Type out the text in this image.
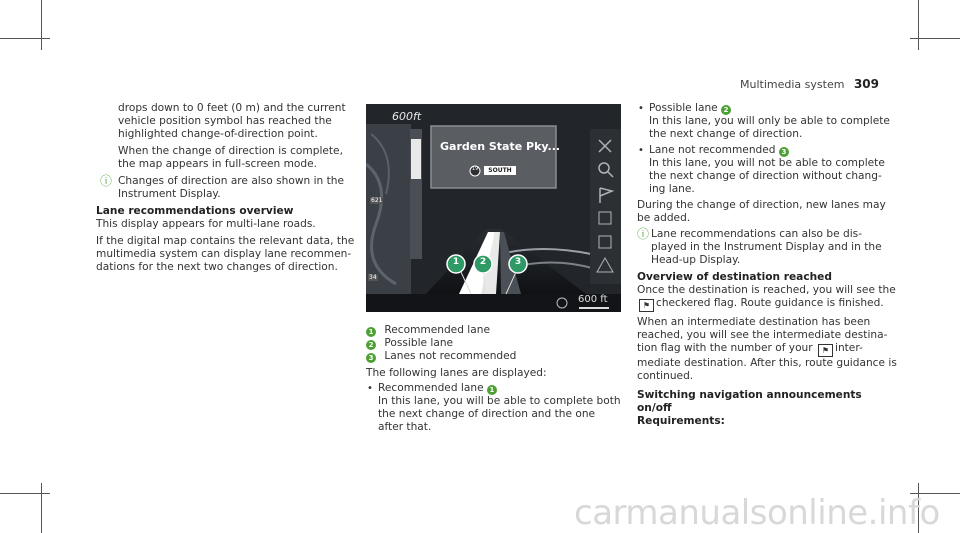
Multimedia system 309
drops down to 0 feet (0 m) and the current
vehicle position symbol has reached the
highlighted change-of-direction point.
When the change of direction is complete,
the map appears in full-screen mode.
ⓘ Changes of direction are also shown in the
Instrument Display.
Lane recommendations overview
This display appears for multi-lane roads.
If the digital map contains the relevant data, the
multimedia system can display lane recommen-
dations for the next two changes of direction.
600ft
Garden State Pky...
19	SOUTH
600 ft
621
34
1	2	3
1 Recommended lane
2 Possible lane
3 Lanes not recommended
The following lanes are displayed:
• Recommended lane 1
In this lane, you will be able to complete both
the next change of direction and the one
after that.
• Possible lane 2
In this lane, you will only be able to complete
the next change of direction.
• Lane not recommended 3
In this lane, you will not be able to complete
the next change of direction without chang-
ing lane.
During the change of direction, new lanes may
be added.
ⓘ Lane recommendations can also be dis-
played in the Instrument Display and in the
Head-up Display.
Overview of destination reached
Once the destination is reached, you will see the
⚑ checkered flag. Route guidance is finished.
When an intermediate destination has been
reached, you will see the intermediate destina-
tion flag with the number of your ⚑ inter-
mediate destination. After this, route guidance is
continued.
Switching navigation announcements on/off
Requirements:
carmanualsonline.info
